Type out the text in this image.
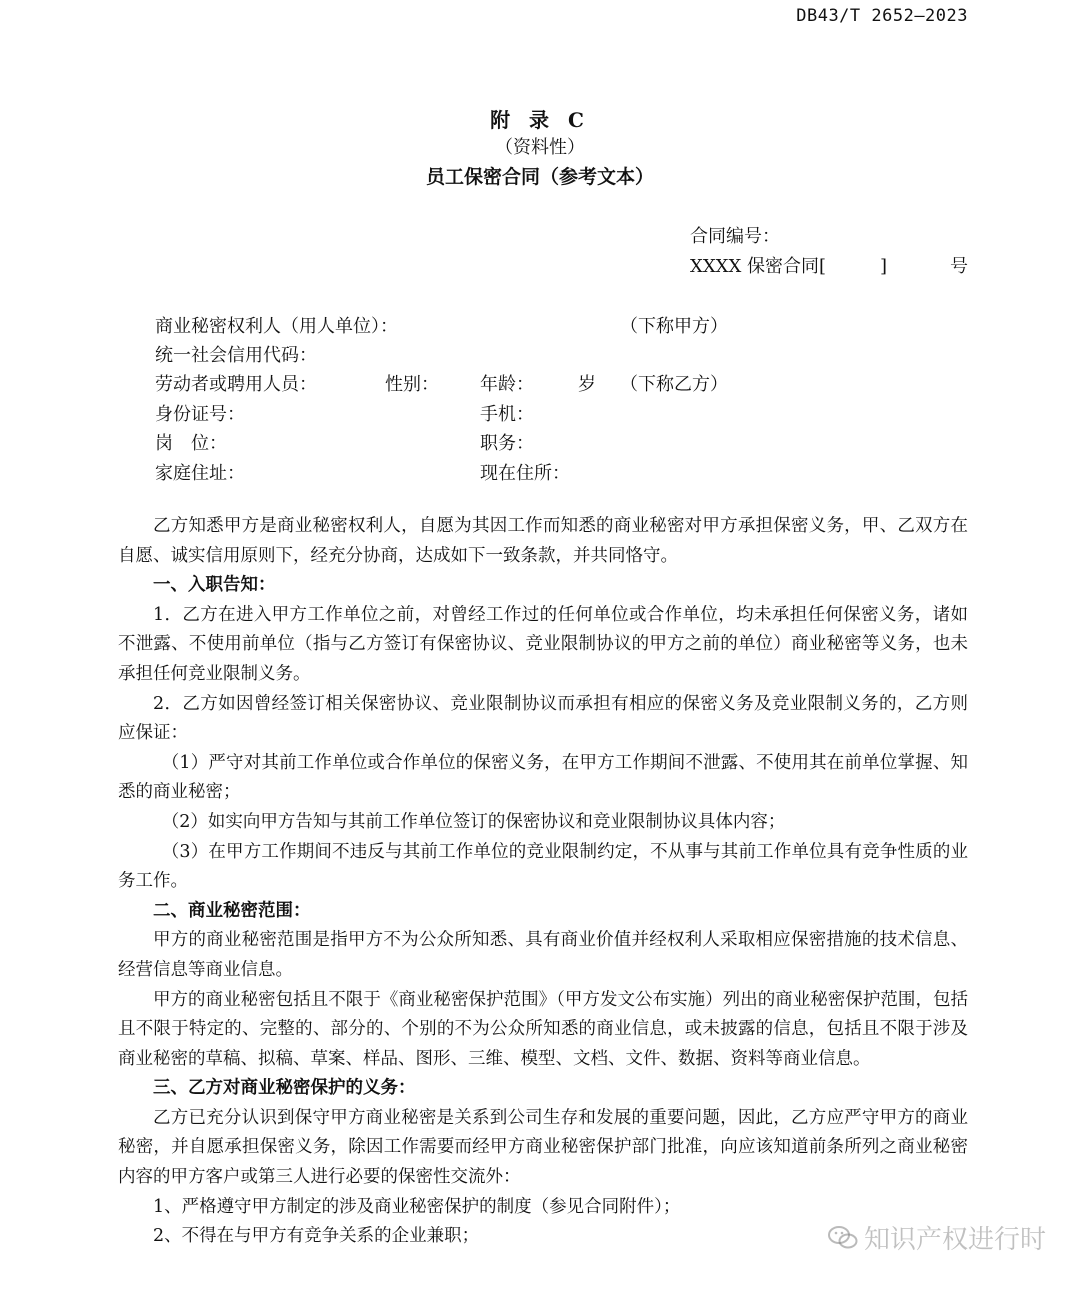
DB43/T 2652—2023
附 录 C
（资料性）
员工保密合同（参考文本）
合同编号：
XXXX 保密合同[　　　]	号
商业秘密权利人（用人单位）：	（下称甲方）
统一社会信用代码：
劳动者或聘用人员：	性别： 年龄： 岁 （下称乙方）
身份证号：	手机：
岗　位：	职务：
家庭住址：	现在住所：

乙方知悉甲方是商业秘密权利人，自愿为其因工作而知悉的商业秘密对甲方承担保密义务，甲、乙双方在自愿、诚实信用原则下，经充分协商，达成如下一致条款，并共同恪守。

一、入职告知：

1．乙方在进入甲方工作单位之前，对曾经工作过的任何单位或合作单位，均未承担任何保密义务，诸如不泄露、不使用前单位（指与乙方签订有保密协议、竞业限制协议的甲方之前的单位）商业秘密等义务，也未承担任何竞业限制义务。

2．乙方如因曾经签订相关保密协议、竞业限制协议而承担有相应的保密义务及竞业限制义务的，乙方则应保证：

（1）严守对其前工作单位或合作单位的保密义务，在甲方工作期间不泄露、不使用其在前单位掌握、知悉的商业秘密；

（2）如实向甲方告知与其前工作单位签订的保密协议和竞业限制协议具体内容；

（3）在甲方工作期间不违反与其前工作单位的竞业限制约定，不从事与其前工作单位具有竞争性质的业务工作。

二、商业秘密范围：

甲方的商业秘密范围是指甲方不为公众所知悉、具有商业价值并经权利人采取相应保密措施的技术信息、经营信息等商业信息。

甲方的商业秘密包括且不限于《商业秘密保护范围》（甲方发文公布实施）列出的商业秘密保护范围，包括且不限于特定的、完整的、部分的、个别的不为公众所知悉的商业信息，或未披露的信息，包括且不限于涉及商业秘密的草稿、拟稿、草案、样品、图形、三维、模型、文档、文件、数据、资料等商业信息。

三、乙方对商业秘密保护的义务：

乙方已充分认识到保守甲方商业秘密是关系到公司生存和发展的重要问题，因此，乙方应严守甲方的商业秘密，并自愿承担保密义务，除因工作需要而经甲方商业秘密保护部门批准，向应该知道前条所列之商业秘密内容的甲方客户或第三人进行必要的保密性交流外：

1、严格遵守甲方制定的涉及商业秘密保护的制度（参见合同附件）；

2、不得在与甲方有竞争关系的企业兼职；	知识产权进行时
